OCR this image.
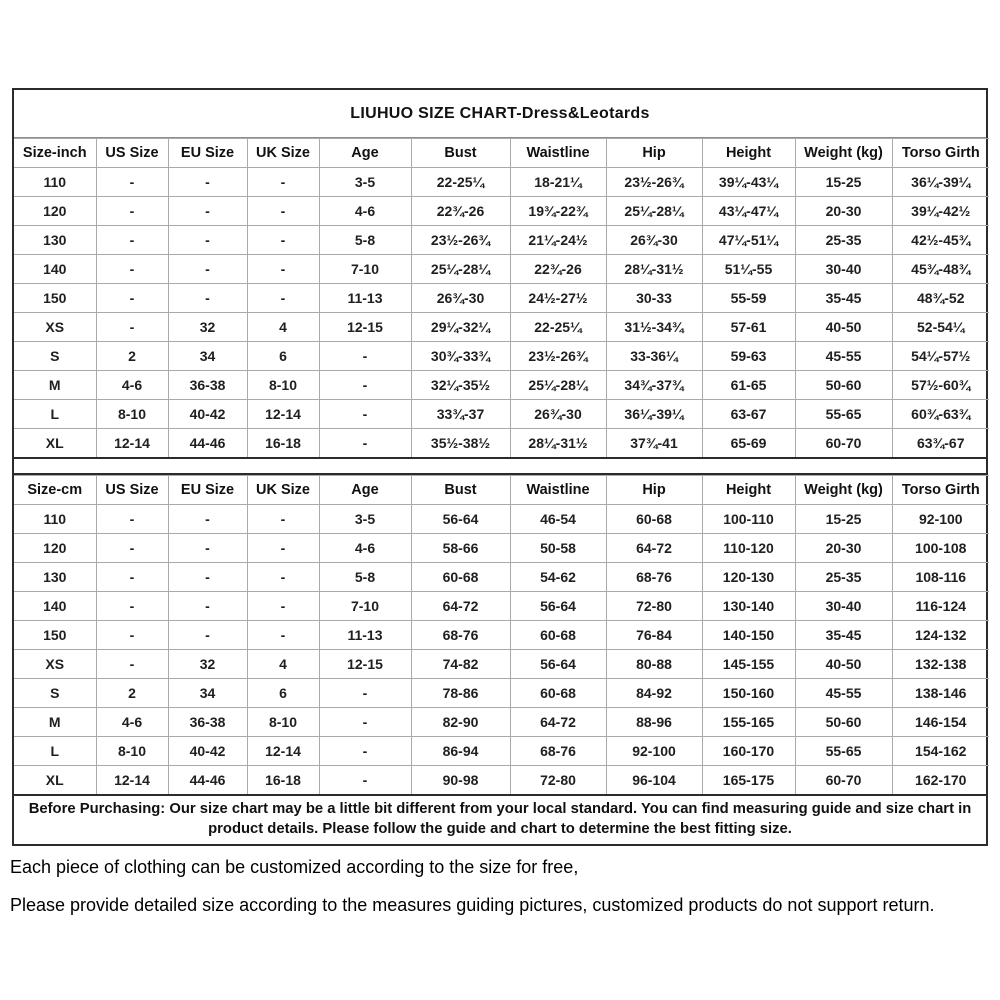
LIUHUO SIZE CHART-Dress&Leotards
Size-inch	US Size	EU Size	UK Size	Age	Bust	Waistline	Hip	Height	Weight (kg)	Torso Girth
110	-	-	-	3-5	22-25¼	18-21¼	23½-26¾	39¼-43¼	15-25	36¼-39¼
120	-	-	-	4-6	22¾-26	19¾-22¾	25¼-28¼	43¼-47¼	20-30	39¼-42½
130	-	-	-	5-8	23½-26¾	21¼-24½	26¾-30	47¼-51¼	25-35	42½-45¾
140	-	-	-	7-10	25¼-28¼	22¾-26	28¼-31½	51¼-55	30-40	45¾-48¾
150	-	-	-	11-13	26¾-30	24½-27½	30-33	55-59	35-45	48¾-52
XS	-	32	4	12-15	29¼-32¼	22-25¼	31½-34¾	57-61	40-50	52-54¼
S	2	34	6	-	30¾-33¾	23½-26¾	33-36¼	59-63	45-55	54¼-57½
M	4-6	36-38	8-10	-	32¼-35½	25¼-28¼	34¾-37¾	61-65	50-60	57½-60¾
L	8-10	40-42	12-14	-	33¾-37	26¾-30	36¼-39¼	63-67	55-65	60¾-63¾
XL	12-14	44-46	16-18	-	35½-38½	28¼-31½	37¾-41	65-69	60-70	63¾-67
Size-cm	US Size	EU Size	UK Size	Age	Bust	Waistline	Hip	Height	Weight (kg)	Torso Girth
110	-	-	-	3-5	56-64	46-54	60-68	100-110	15-25	92-100
120	-	-	-	4-6	58-66	50-58	64-72	110-120	20-30	100-108
130	-	-	-	5-8	60-68	54-62	68-76	120-130	25-35	108-116
140	-	-	-	7-10	64-72	56-64	72-80	130-140	30-40	116-124
150	-	-	-	11-13	68-76	60-68	76-84	140-150	35-45	124-132
XS	-	32	4	12-15	74-82	56-64	80-88	145-155	40-50	132-138
S	2	34	6	-	78-86	60-68	84-92	150-160	45-55	138-146
M	4-6	36-38	8-10	-	82-90	64-72	88-96	155-165	50-60	146-154
L	8-10	40-42	12-14	-	86-94	68-76	92-100	160-170	55-65	154-162
XL	12-14	44-46	16-18	-	90-98	72-80	96-104	165-175	60-70	162-170
Before Purchasing: Our size chart may be a little bit different from your local standard. You can find measuring guide and size chart in
product details. Please follow the guide and chart to determine the best fitting size.

Each piece of clothing can be customized according to the size for free,

Please provide detailed size according to the measures guiding pictures, customized products do not support return.
